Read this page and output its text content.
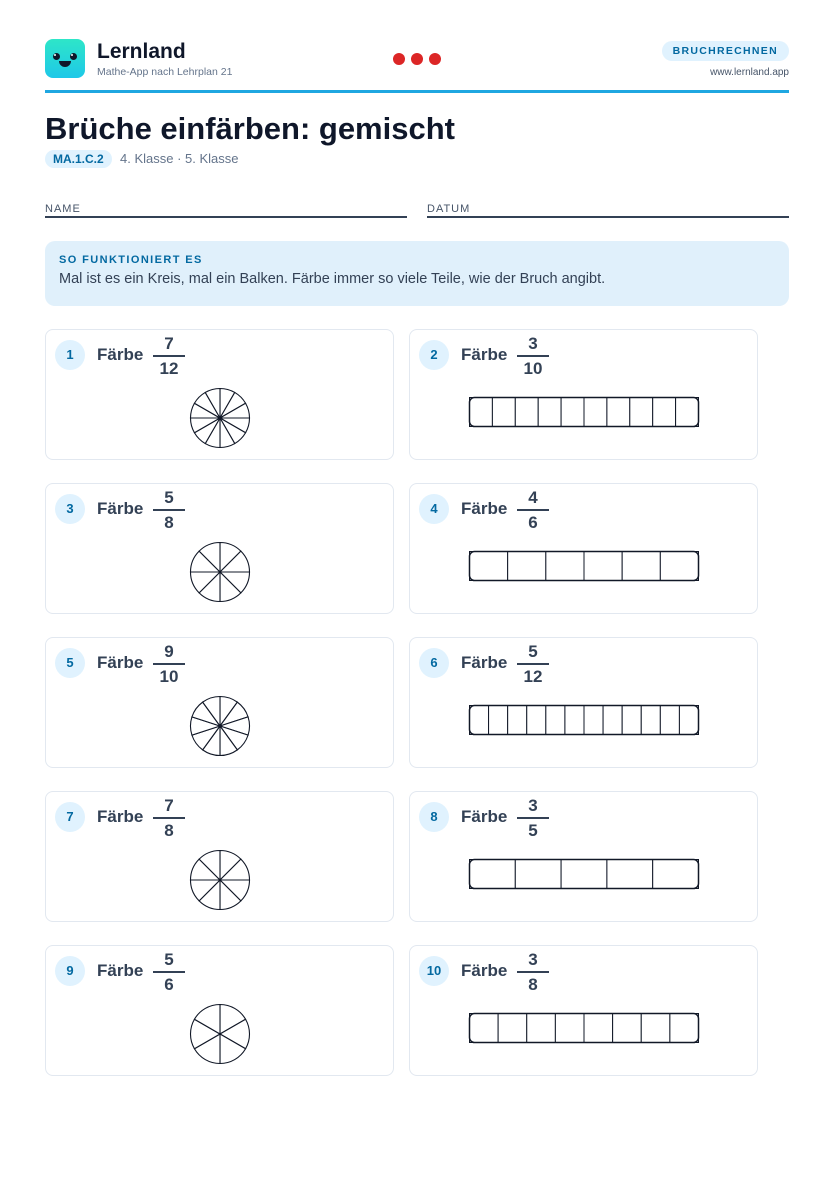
Lernland
Mathe-App nach Lehrplan 21
BRUCHRECHNEN
www.lernland.app
Brüche einfärben: gemischt
MA.1.C.2	4. Klasse · 5. Klasse
NAME	DATUM
SO FUNKTIONIERT ES
Mal ist es ein Kreis, mal ein Balken. Färbe immer so viele Teile, wie der Bruch angibt.
1	Färbe
7
12
2	Färbe
3
10
3	Färbe
5
8
4	Färbe
4
6
5	Färbe
9
10
6	Färbe
5
12
7	Färbe
7
8
8	Färbe
3
5
9	Färbe
5
6
10	Färbe
3
8
